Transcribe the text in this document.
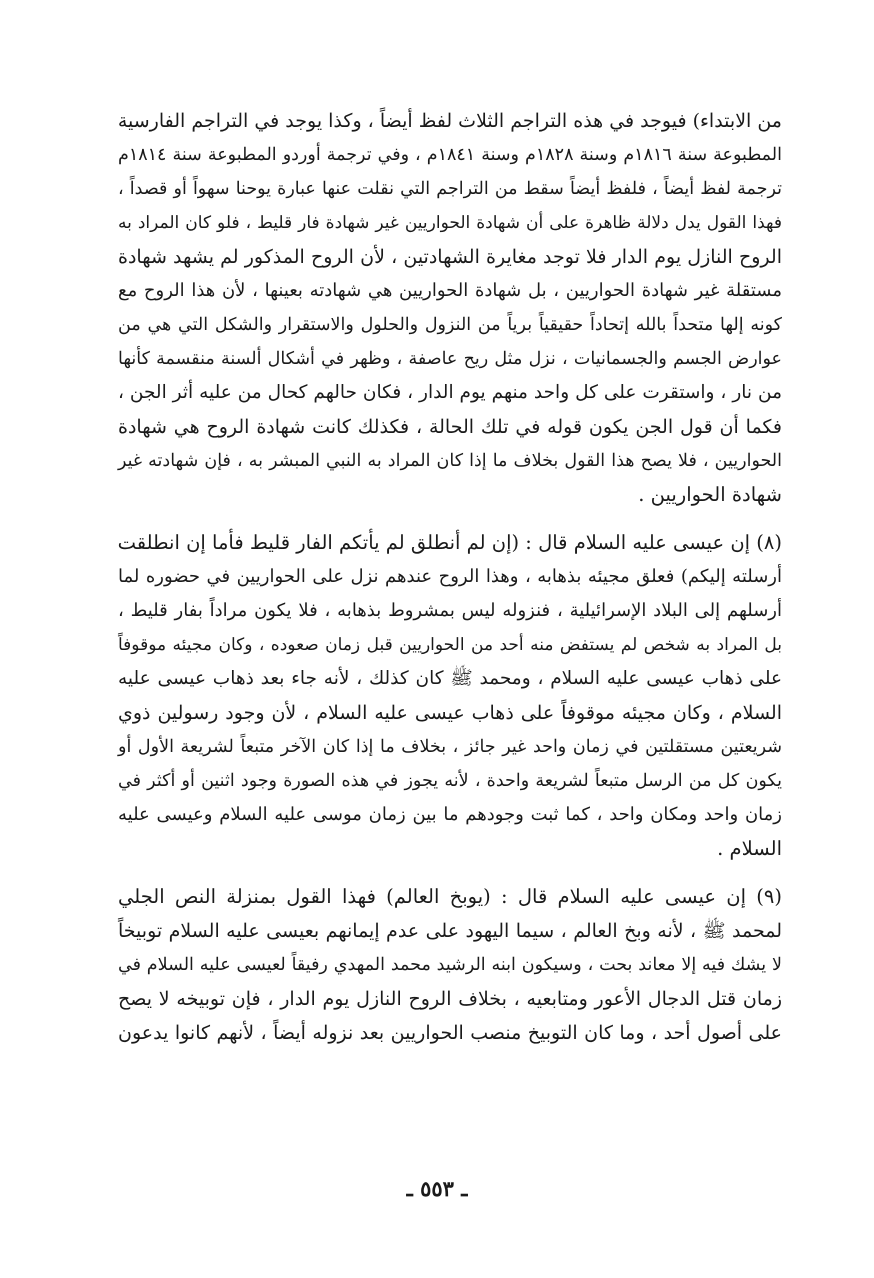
من الابتداء) فيوجد في هذه التراجم الثلاث لفظ أيضاً ، وكذا يوجد في التراجم الفارسية
المطبوعة سنة ١٨١٦م وسنة ١٨٢٨م وسنة ١٨٤١م ، وفي ترجمة أوردو المطبوعة سنة ١٨١٤م
ترجمة لفظ أيضاً ، فلفظ أيضاً سقط من التراجم التي نقلت عنها عبارة يوحنا سهواً أو قصداً ،
فهذا القول يدل دلالة ظاهرة على أن شهادة الحواريين غير شهادة فار قليط ، فلو كان المراد به
الروح النازل يوم الدار فلا توجد مغايرة الشهادتين ، لأن الروح المذكور لم يشهد شهادة
مستقلة غير شهادة الحواريين ، بل شهادة الحواريين هي شهادته بعينها ، لأن هذا الروح مع
كونه إلها متحداً بالله إتحاداً حقيقياً برياً من النزول والحلول والاستقرار والشكل التي هي من
عوارض الجسم والجسمانيات ، نزل مثل ريح عاصفة ، وظهر في أشكال ألسنة منقسمة كأنها
من نار ، واستقرت على كل واحد منهم يوم الدار ، فكان حالهم كحال من عليه أثر الجن ،
فكما أن قول الجن يكون قوله في تلك الحالة ، فكذلك كانت شهادة الروح هي شهادة
الحواريين ، فلا يصح هذا القول بخلاف ما إذا كان المراد به النبي المبشر به ، فإن شهادته غير
شهادة الحواريين .

(٨) إن عيسى عليه السلام قال : (إن لم أنطلق لم يأتكم الفار قليط فأما إن انطلقت
أرسلته إليكم) فعلق مجيئه بذهابه ، وهذا الروح عندهم نزل على الحواريين في حضوره لما
أرسلهم إلى البلاد الإسرائيلية ، فنزوله ليس بمشروط بذهابه ، فلا يكون مراداً بفار قليط ،
بل المراد به شخص لم يستفض منه أحد من الحواريين قبل زمان صعوده ، وكان مجيئه موقوفاً
على ذهاب عيسى عليه السلام ، ومحمد ﷺ كان كذلك ، لأنه جاء بعد ذهاب عيسى عليه
السلام ، وكان مجيئه موقوفاً على ذهاب عيسى عليه السلام ، لأن وجود رسولين ذوي
شريعتين مستقلتين في زمان واحد غير جائز ، بخلاف ما إذا كان الآخر متبعاً لشريعة الأول أو
يكون كل من الرسل متبعاً لشريعة واحدة ، لأنه يجوز في هذه الصورة وجود اثنين أو أكثر في
زمان واحد ومكان واحد ، كما ثبت وجودهم ما بين زمان موسى عليه السلام وعيسى عليه
السلام .

(٩) إن عيسى عليه السلام قال : (يوبخ العالم) فهذا القول بمنزلة النص الجلي
لمحمد ﷺ ، لأنه وبخ العالم ، سيما اليهود على عدم إيمانهم بعيسى عليه السلام توبيخاً
لا يشك فيه إلا معاند بحت ، وسيكون ابنه الرشيد محمد المهدي رفيقاً لعيسى عليه السلام في
زمان قتل الدجال الأعور ومتابعيه ، بخلاف الروح النازل يوم الدار ، فإن توبيخه لا يصح
على أصول أحد ، وما كان التوبيخ منصب الحواريين بعد نزوله أيضاً ، لأنهم كانوا يدعون

ـ ٥٥٣ ـ
